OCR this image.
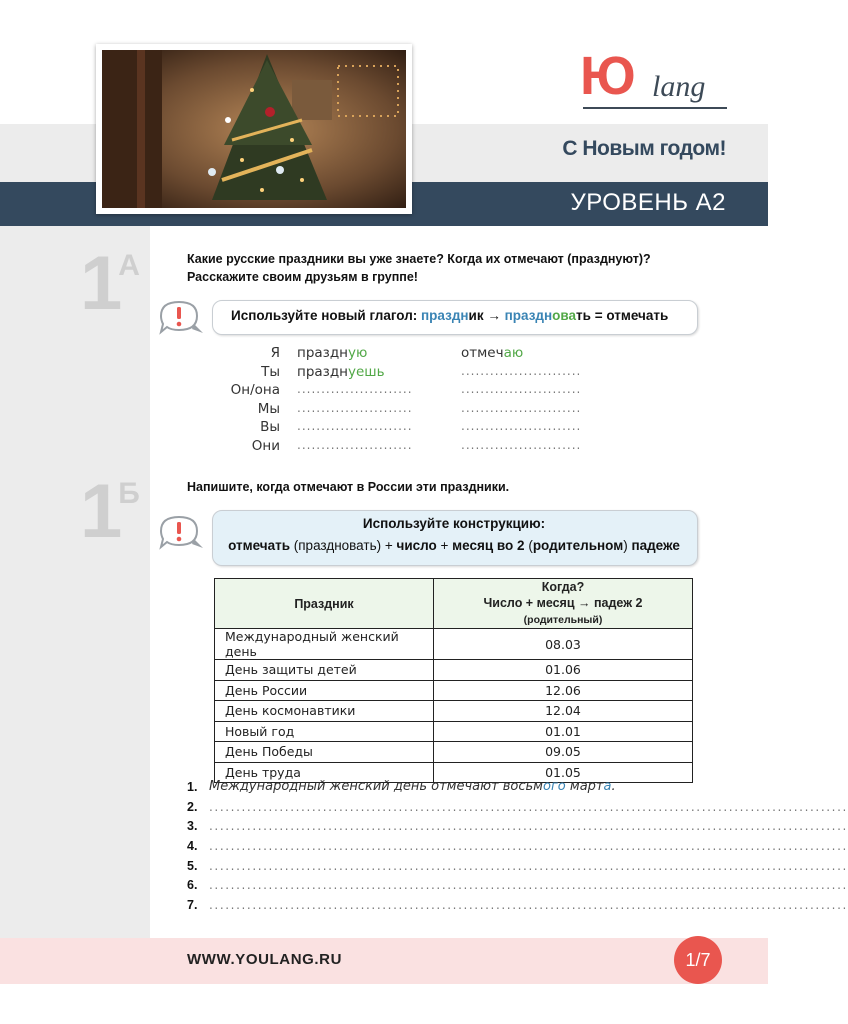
Ю lang
С Новым годом!
УРОВЕНЬ А2
1А	Какие русские праздники вы уже знаете? Когда их отмечают (празднуют)?
Расскажите своим друзьям в группе!
Используйте новый глагол: праздник → праздновать = отмечать
Я праздную	отмечаю
Ты празднуешь	.........................
Он/она ........................	.........................
Мы ........................	.........................
Вы ........................	.........................
Они ........................	.........................
1Б	Напишите, когда отмечают в России эти праздники.
Используйте конструкцию:
отмечать (праздновать) + число + месяц во 2 (родительном) падеже
Праздник	Когда?
Число + месяц → падеж 2 (родительный)

Международный женский день	08.03
День защиты детей	01.06
День России	12.06
День космонавтики	12.04
Новый год	01.01
День Победы	09.05
День труда	01.05
1. Международный женский день отмечают восьмого марта.
2. ......................................................................................................................
3. ......................................................................................................................
4. ......................................................................................................................
5. ......................................................................................................................
6. ......................................................................................................................
7. ......................................................................................................................
WWW.YOULANG.RU	1/7
